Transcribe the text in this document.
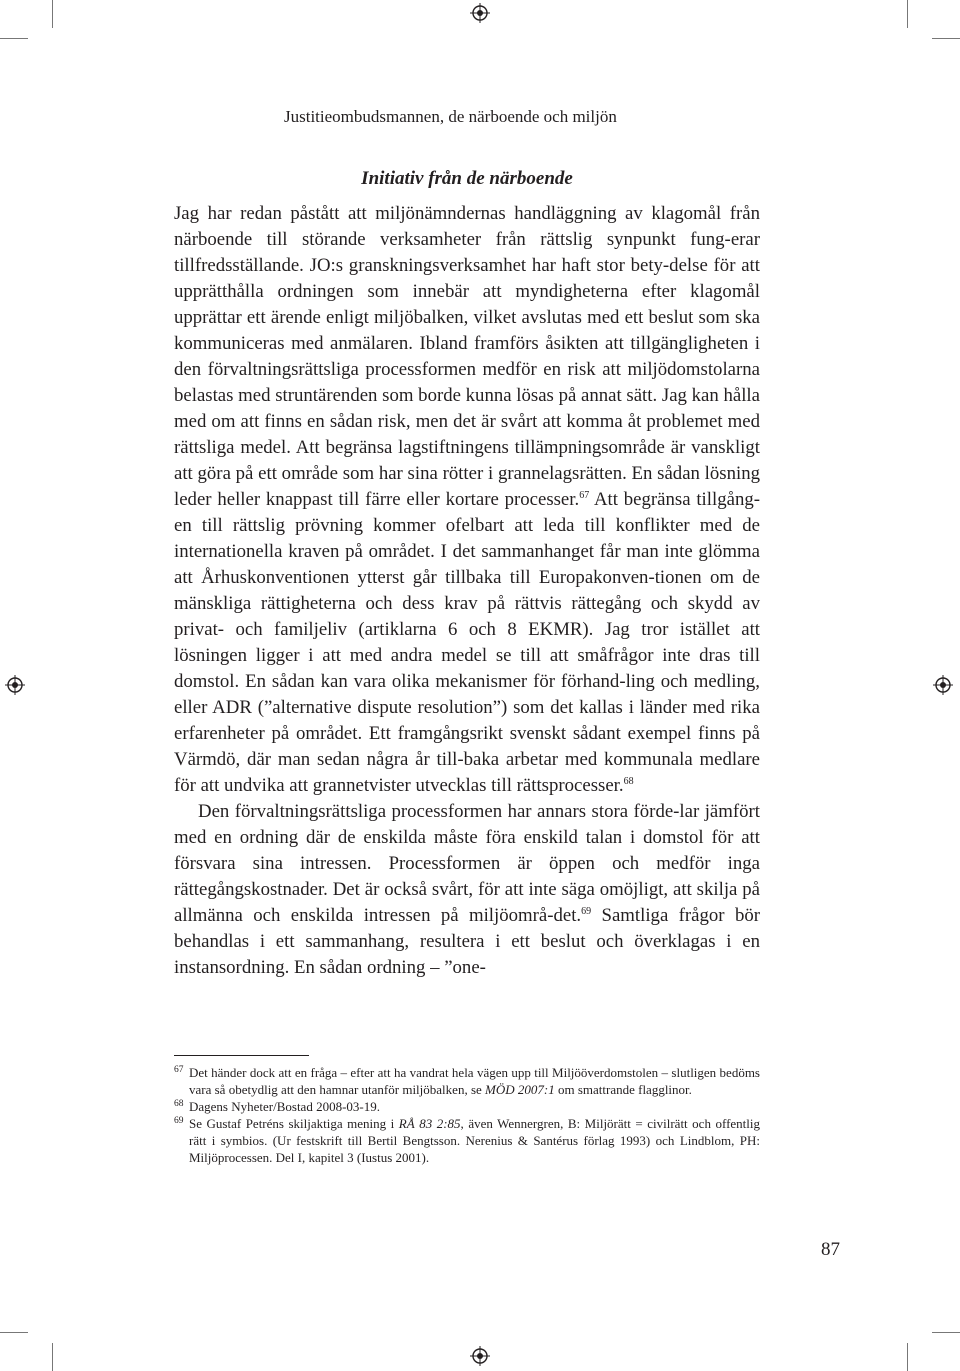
Justitieombudsmannen, de närboende och miljön

Initiativ från de närboende

Jag har redan påstått att miljönämndernas handläggning av klagomål från närboende till störande verksamheter från rättslig synpunkt fung-erar tillfredsställande. JO:s granskningsverksamhet har haft stor bety-delse för att upprätthålla ordningen som innebär att myndigheterna efter klagomål upprättar ett ärende enligt miljöbalken, vilket avslutas med ett beslut som ska kommuniceras med anmälaren. Ibland framförs åsikten att tillgängligheten i den förvaltningsrättsliga processformen medför en risk att miljödomstolarna belastas med struntärenden som borde kunna lösas på annat sätt. Jag kan hålla med om att finns en sådan risk, men det är svårt att komma åt problemet med rättsliga medel. Att begränsa lagstiftningens tillämpningsområde är vanskligt att göra på ett område som har sina rötter i grannelagsrätten. En sådan lösning leder heller knappast till färre eller kortare processer.$^{67}$ Att begränsa tillgång-en till rättslig prövning kommer ofelbart att leda till konflikter med de internationella kraven på området. I det sammanhanget får man inte glömma att Århuskonventionen ytterst går tillbaka till Europakonven-tionen om de mänskliga rättigheterna och dess krav på rättvis rättegång och skydd av privat- och familjeliv (artiklarna 6 och 8 EKMR). Jag tror istället att lösningen ligger i att med andra medel se till att småfrågor inte dras till domstol. En sådan kan vara olika mekanismer för förhand-ling och medling, eller ADR (”alternative dispute resolution”) som det kallas i länder med rika erfarenheter på området. Ett framgångsrikt svenskt sådant exempel finns på Värmdö, där man sedan några år till-baka arbetar med kommunala medlare för att undvika att grannetvister utvecklas till rättsprocesser.$^{68}$

Den förvaltningsrättsliga processformen har annars stora förde-lar jämfört med en ordning där de enskilda måste föra enskild talan i domstol för att försvara sina intressen. Processformen är öppen och medför inga rättegångskostnader. Det är också svårt, för att inte säga omöjligt, att skilja på allmänna och enskilda intressen på miljöområ-det.$^{69}$ Samtliga frågor bör behandlas i ett sammanhang, resultera i ett beslut och överklagas i en instansordning. En sådan ordning – ”one-

67 Det händer dock att en fråga – efter att ha vandrat hela vägen upp till Miljööverdomstolen – slutligen bedöms vara så obetydlig att den hamnar utanför miljöbalken, se MÖD 2007:1 om smattrande flagglinor.

68 Dagens Nyheter/Bostad 2008-03-19.

69 Se Gustaf Petréns skiljaktiga mening i RÅ 83 2:85, även Wennergren, B: Miljörätt = civilrätt och offentlig rätt i symbios. (Ur festskrift till Bertil Bengtsson. Nerenius & Santérus förlag 1993) och Lindblom, PH: Miljöprocessen. Del I, kapitel 3 (Iustus 2001).

87
